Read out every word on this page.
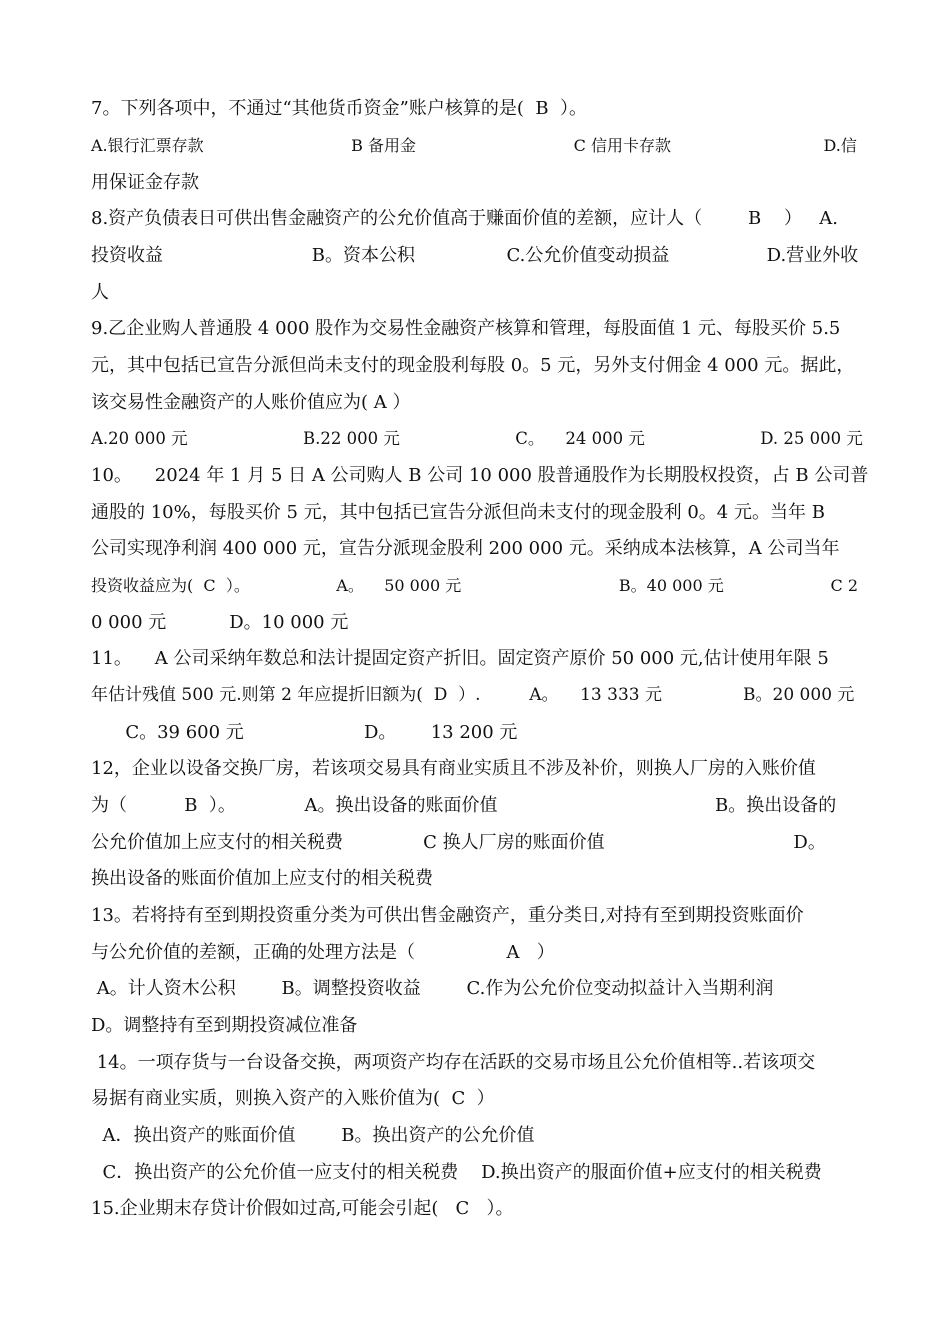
7。下列各项中，不通过“其他货币资金”账户核算的是(  B  ）。
A.银行汇票存款                             B 备用金                               C 信用卡存款                              D.信
用保证金存款
8.资产负债表日可供出售金融资产的公允价值高于赚面价值的差额，应计人（        B    ）   A.
投资收益                          B。资本公积                C.公允价值变动损益                 D.营业外收
人
9.乙企业购人普通股 4 000 股作为交易性金融资产核算和管理，每股面值 1 元、每股买价 5.5
元，其中包括已宣告分派但尚未支付的现金股利每股 0。5 元，另外支付佣金 4 000 元。据此，
该交易性金融资产的人账价值应为( A ）
A.20 000 元                      B.22 000 元                      C。    24 000 元                      D. 25 000 元
10。    2024 年 1 月 5 日 A 公司购人 B 公司 10 000 股普通股作为长期股权投资，占 B 公司普
通股的 10%，每股买价 5 元，其中包括已宣告分派但尚未支付的现金股利 0。4 元。当年 B
公司实现净利润 400 000 元，宣告分派现金股利 200 000 元。采纳成本法核算，A 公司当年
投资收益应为(  C  ）。                 A。    50 000 元                               B。40 000 元                     C 2
0 000 元           D。10 000 元
11。    A 公司采纳年数总和法计提固定资产折旧。固定资产原价 50 000 元,估计使用年限 5
年估计残值 500 元.则第 2 年应提折旧额为(  D  ）.         A。    13 333 元               B。20 000 元
C。39 600 元                     D。      13 200 元
12，企业以设备交换厂房，若该项交易具有商业实质且不涉及补价，则换人厂房的入账价值
为（          B  ）。            A。换出设备的账面价值                                      B。换出设备的
公允价值加上应支付的相关税费              C 换人厂房的账面价值                                 D。
换出设备的账面价值加上应支付的相关税费
13。若将持有至到期投资重分类为可供出售金融资产，重分类日,对持有至到期投资账面价
与公允价值的差额，正确的处理方法是（                A   ）
A。计人资木公积        B。调整投资收益        C.作为公允价位变动拟益计入当期利润
D。调整持有至到期投资减位准备
14。一项存货与一台设备交换，两项资产均存在活跃的交易市场且公允价值相等..若该项交
易据有商业实质，则换入资产的入账价值为(  C  ）
A．换出资产的账面价值        B。换出资产的公允价值
C．换出资产的公允价值一应支付的相关税费    D.换出资产的服面价值+应支付的相关税费
15.企业期末存贷计价假如过高,可能会引起(   C   ）。
